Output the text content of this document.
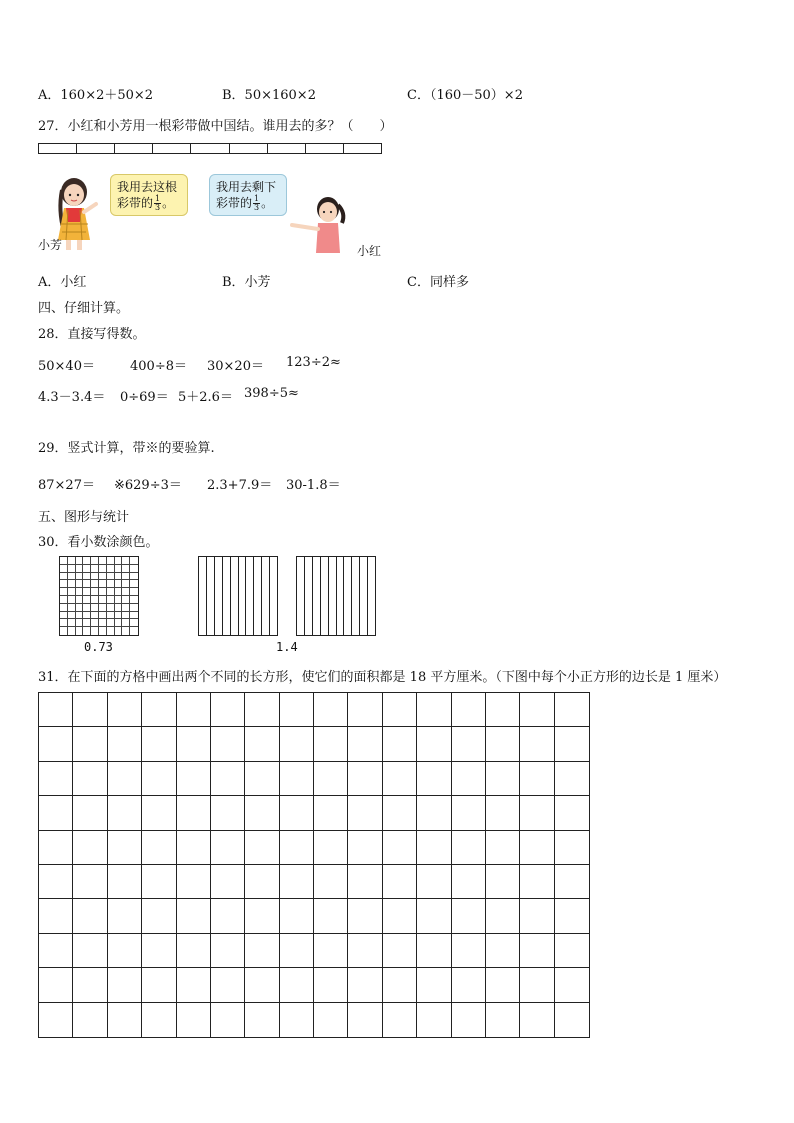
A．160×2＋50×2	B．50×160×2	C．（160－50）×2
27．小红和小芳用一根彩带做中国结。谁用去的多？（　　）
小芳
我用去这根
彩带的 $\frac{1}{3}$ 。
我用去剩下
彩带的 $\frac{1}{3}$ 。
小红
A．小红	B．小芳	C．同样多
四、仔细计算。
28．直接写得数。
50×40＝	400÷8＝ 30×20＝ 123÷2≈
4.3－3.4＝ 0÷69＝ 5＋2.6＝ 398÷5≈
29．竖式计算，带※的要验算.
87×27＝ ※629÷3＝ 2.3+7.9＝ 30-1.8＝
五、图形与统计
30．看小数涂颜色。
0.73	1.4
31．在下面的方格中画出两个不同的长方形，使它们的面积都是 18 平方厘米。（下图中每个小正方形的边长是 1 厘米）
